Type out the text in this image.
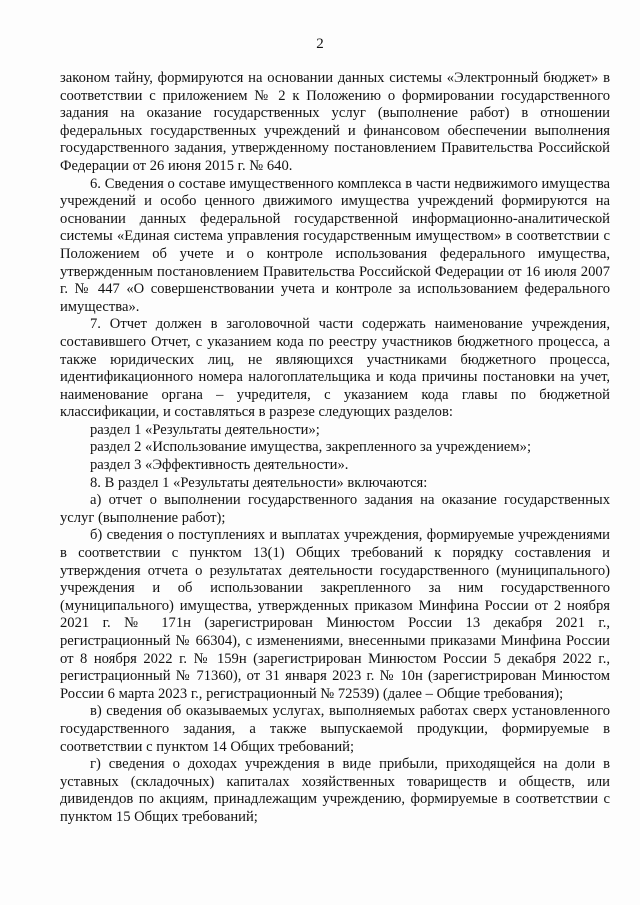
2

законом тайну, формируются на основании данных системы «Электронный бюджет» в соответствии с приложением № 2 к Положению о формировании государственного задания на оказание государственных услуг (выполнение работ) в отношении федеральных государственных учреждений и финансовом обеспечении выполнения государственного задания, утвержденному постановлением Правительства Российской Федерации от 26 июня 2015 г. № 640.

6. Сведения о составе имущественного комплекса в части недвижимого имущества учреждений и особо ценного движимого имущества учреждений формируются на основании данных федеральной государственной информационно-аналитической системы «Единая система управления государственным имуществом» в соответствии с Положением об учете и о контроле использования федерального имущества, утвержденным постановлением Правительства Российской Федерации от 16 июля 2007 г. № 447 «О совершенствовании учета и контроле за использованием федерального имущества».

7. Отчет должен в заголовочной части содержать наименование учреждения, составившего Отчет, с указанием кода по реестру участников бюджетного процесса, а также юридических лиц, не являющихся участниками бюджетного процесса, идентификационного номера налогоплательщика и кода причины постановки на учет, наименование органа – учредителя, с указанием кода главы по бюджетной классификации, и составляться в разрезе следующих разделов:

раздел 1 «Результаты деятельности»;

раздел 2 «Использование имущества, закрепленного за учреждением»;

раздел 3 «Эффективность деятельности».

8. В раздел 1 «Результаты деятельности» включаются:

а) отчет о выполнении государственного задания на оказание государственных услуг (выполнение работ);

б) сведения о поступлениях и выплатах учреждения, формируемые учреждениями в соответствии с пунктом 13(1) Общих требований к порядку составления и утверждения отчета о результатах деятельности государственного (муниципального) учреждения и об использовании закрепленного за ним государственного (муниципального) имущества, утвержденных приказом Минфина России от 2 ноября 2021 г. № 171н (зарегистрирован Минюстом России 13 декабря 2021 г., регистрационный № 66304), с изменениями, внесенными приказами Минфина России от 8 ноября 2022 г. № 159н (зарегистрирован Минюстом России 5 декабря 2022 г., регистрационный № 71360), от 31 января 2023 г. № 10н (зарегистрирован Минюстом России 6 марта 2023 г., регистрационный № 72539) (далее – Общие требования);

в) сведения об оказываемых услугах, выполняемых работах сверх установленного государственного задания, а также выпускаемой продукции, формируемые в соответствии с пунктом 14 Общих требований;

г) сведения о доходах учреждения в виде прибыли, приходящейся на доли в уставных (складочных) капиталах хозяйственных товариществ и обществ, или дивидендов по акциям, принадлежащим учреждению, формируемые в соответствии с пунктом 15 Общих требований;
